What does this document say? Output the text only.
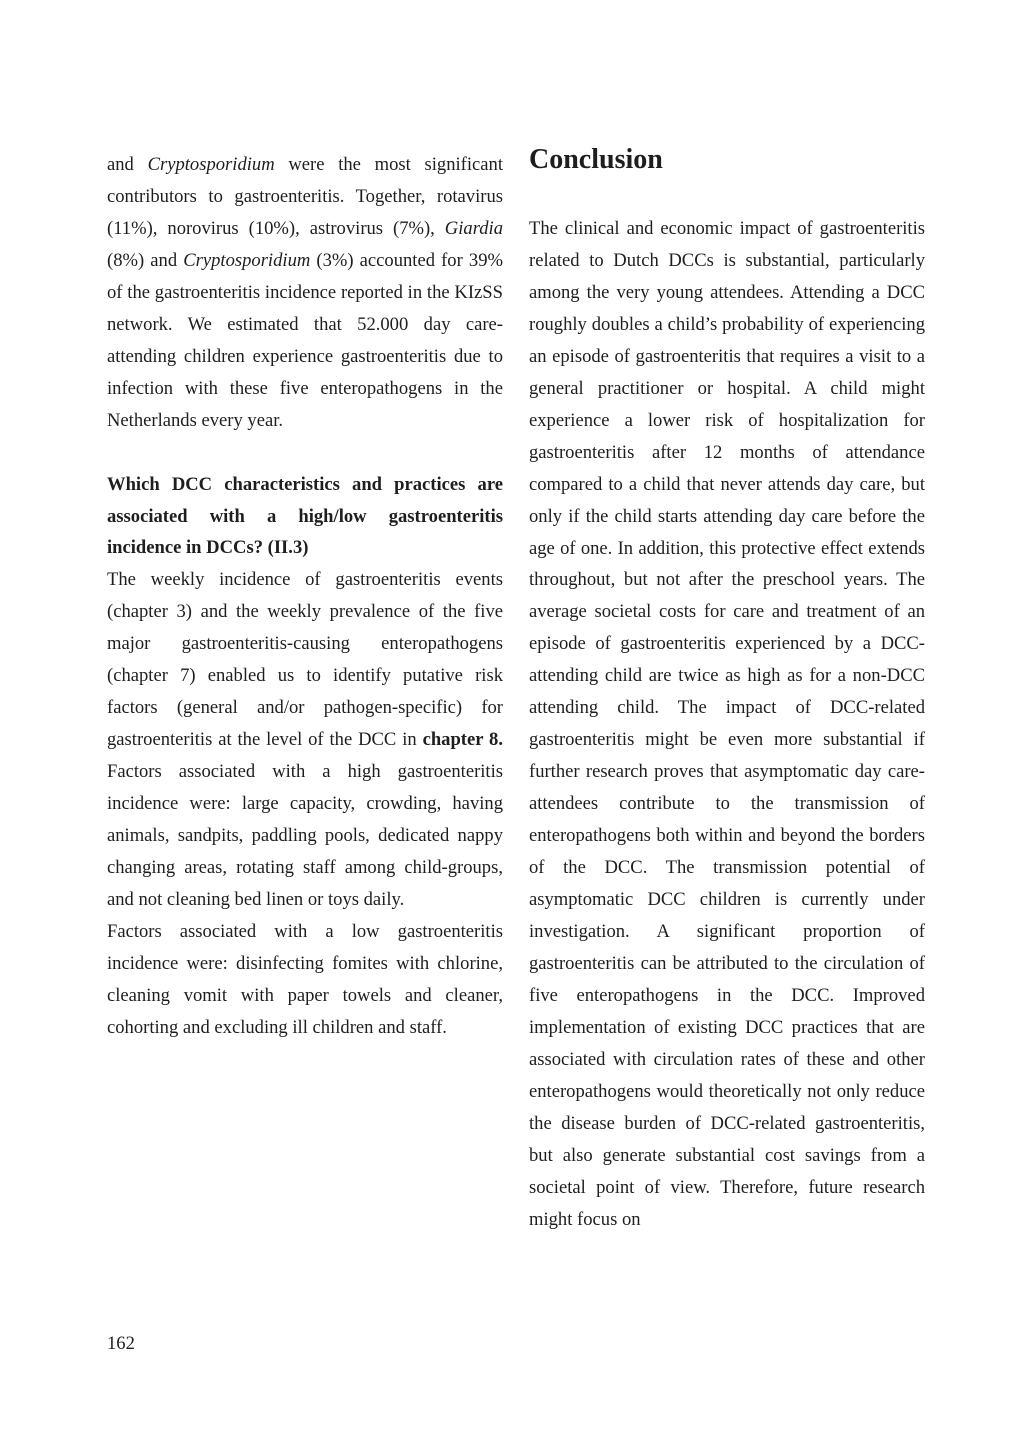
and Cryptosporidium were the most significant contributors to gastroenteritis. Together, rotavirus (11%), norovirus (10%), astrovirus (7%), Giardia (8%) and Cryptosporidium (3%) accounted for 39% of the gastroenteritis incidence reported in the KIzSS network. We estimated that 52.000 day care-attending children experience gastroenteritis due to infection with these five enteropathogens in the Netherlands every year.

Which DCC characteristics and practices are associated with a high/low gastroenteritis incidence in DCCs? (II.3)

The weekly incidence of gastroenteritis events (chapter 3) and the weekly prevalence of the five major gastroenteritis-causing enteropathogens (chapter 7) enabled us to identify putative risk factors (general and/or pathogen-specific) for gastroenteritis at the level of the DCC in chapter 8. Factors associated with a high gastroenteritis incidence were: large capacity, crowding, having animals, sandpits, paddling pools, dedicated nappy changing areas, rotating staff among child-groups, and not cleaning bed linen or toys daily.

Factors associated with a low gastroenteritis incidence were: disinfecting fomites with chlorine, cleaning vomit with paper towels and cleaner, cohorting and excluding ill children and staff.

Conclusion

The clinical and economic impact of gastroenteritis related to Dutch DCCs is substantial, particularly among the very young attendees. Attending a DCC roughly doubles a child’s probability of experiencing an episode of gastroenteritis that requires a visit to a general practitioner or hospital. A child might experience a lower risk of hospitalization for gastroenteritis after 12 months of attendance compared to a child that never attends day care, but only if the child starts attending day care before the age of one. In addition, this protective effect extends throughout, but not after the preschool years. The average societal costs for care and treatment of an episode of gastroenteritis experienced by a DCC-attending child are twice as high as for a non-DCC attending child. The impact of DCC-related gastroenteritis might be even more substantial if further research proves that asymptomatic day care-attendees contribute to the transmission of enteropathogens both within and beyond the borders of the DCC. The transmission potential of asymptomatic DCC children is currently under investigation. A significant proportion of gastroenteritis can be attributed to the circulation of five enteropathogens in the DCC. Improved implementation of existing DCC practices that are associated with circulation rates of these and other enteropathogens would theoretically not only reduce the disease burden of DCC-related gastroenteritis, but also generate substantial cost savings from a societal point of view. Therefore, future research might focus on

162
